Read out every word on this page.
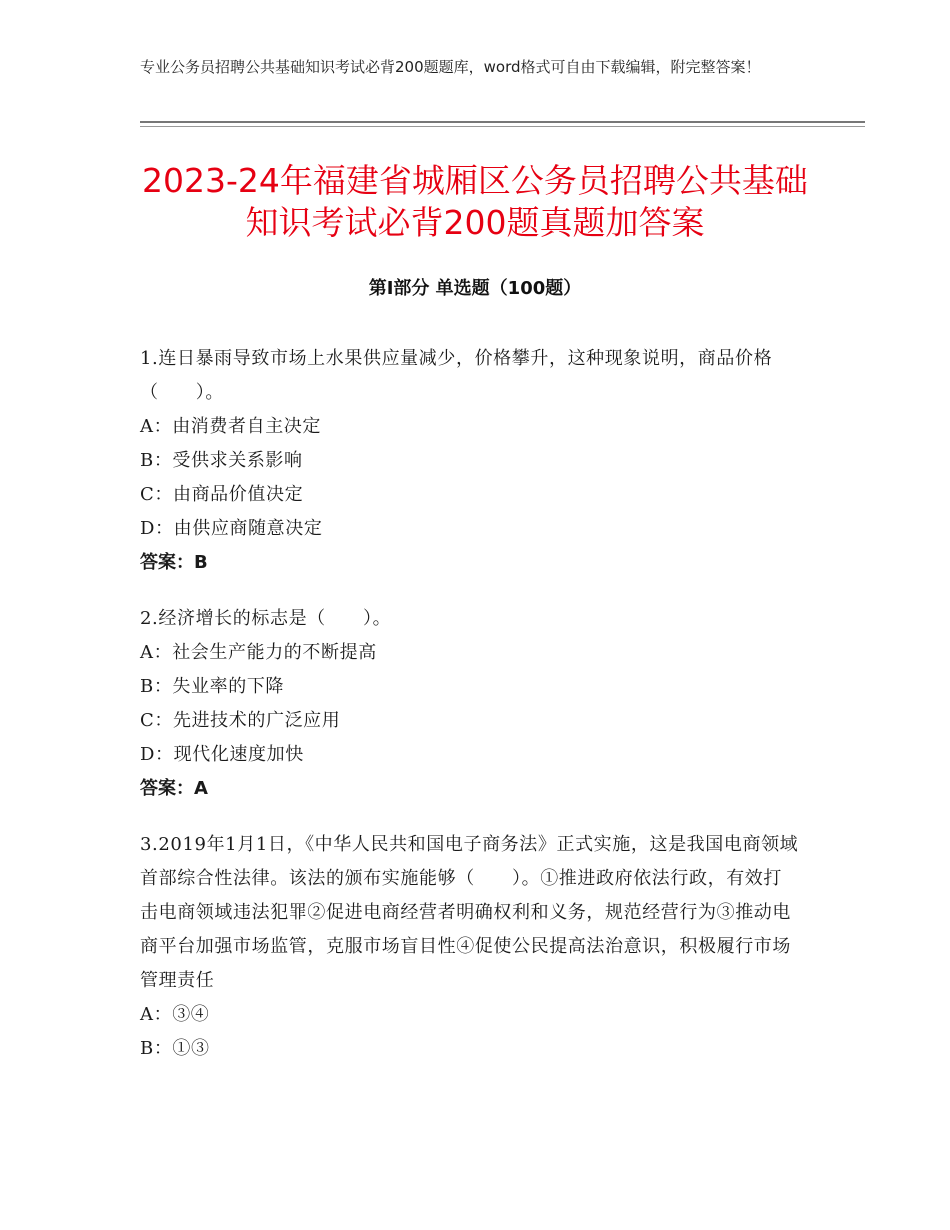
专业公务员招聘公共基础知识考试必背200题题库，word格式可自由下载编辑，附完整答案！
2023-24年福建省城厢区公务员招聘公共基础知识考试必背200题真题加答案
第Ⅰ部分 单选题（100题）
1.连日暴雨导致市场上水果供应量减少，价格攀升，这种现象说明，商品价格（　　）。
A：由消费者自主决定
B：受供求关系影响
C：由商品价值决定
D：由供应商随意决定
答案：B
2.经济增长的标志是（　　）。
A：社会生产能力的不断提高
B：失业率的下降
C：先进技术的广泛应用
D：现代化速度加快
答案：A
3.2019年1月1日，《中华人民共和国电子商务法》正式实施，这是我国电商领域首部综合性法律。该法的颁布实施能够（　　）。①推进政府依法行政，有效打击电商领域违法犯罪②促进电商经营者明确权利和义务，规范经营行为③推动电商平台加强市场监管，克服市场盲目性④促使公民提高法治意识，积极履行市场管理责任
A：③④
B：①③
